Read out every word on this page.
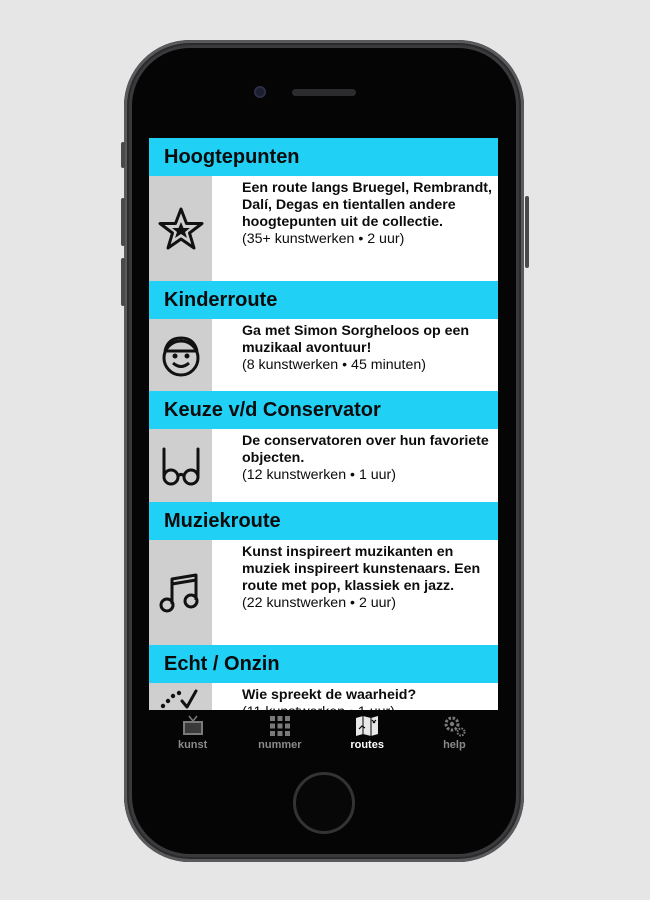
Hoogtepunten
Een route langs Bruegel, Rembrandt, Dalí, Degas en tientallen andere hoogtepunten uit de collectie.
(35+ kunstwerken • 2 uur)
Kinderroute
Ga met Simon Sorgheloos op een muzikaal avontuur!
(8 kunstwerken • 45 minuten)
Keuze v/d Conservator
De conservatoren over hun favoriete objecten.
(12 kunstwerken • 1 uur)
Muziekroute
Kunst inspireert muzikanten en muziek inspireert kunstenaars. Een route met pop, klassiek en jazz.
(22 kunstwerken • 2 uur)
Echt / Onzin
Wie spreekt de waarheid?
kunst	nummer	routes	help
